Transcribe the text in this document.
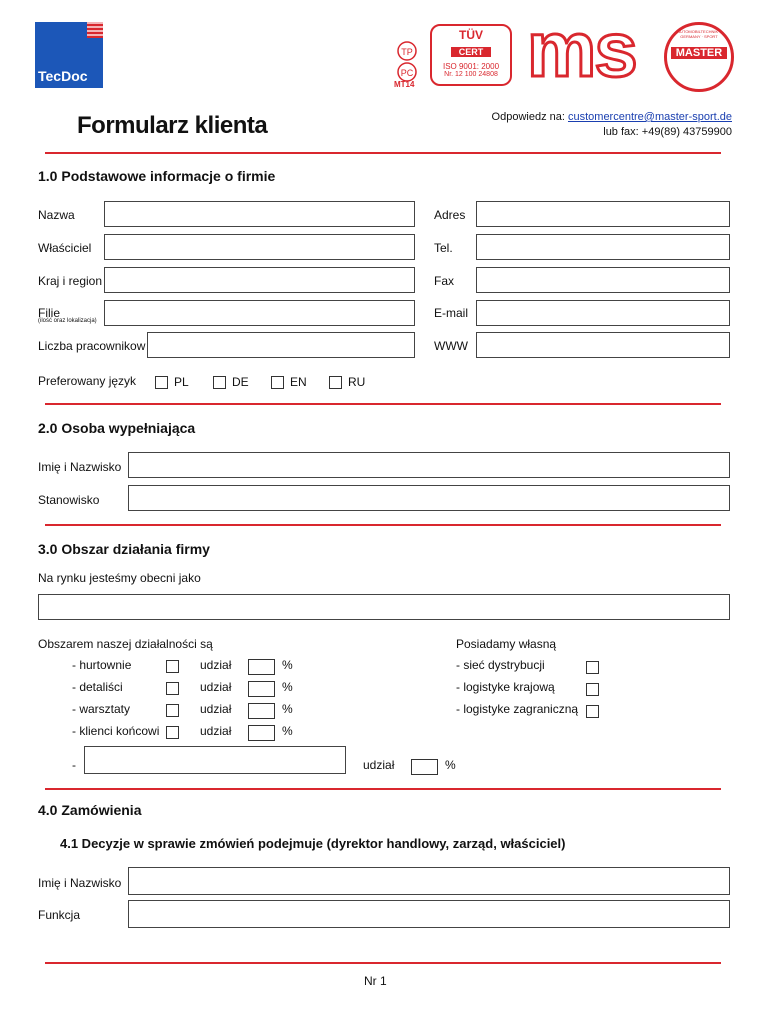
TecDoc
ТР
РС
MT14
TÜV
CERT
ISO 9001: 2000
Nr. 12 100 24808 ms	AUTOMOBILTECHNIK · GERMANY · SPORT
MASTER
Formularz klienta	Odpowiedz na: customercentre@master-sport.de
lub fax: +49(89) 43759900
1.0 Podstawowe informacje o firmie
Nazwa
Właściciel
Kraj i region
Filie
(ilość oraz lokalizacja)
Liczba pracownikow
Adres
Tel.
Fax
E-mail
WWW
Preferowany język	PL	DE	EN	RU
2.0 Osoba wypełniająca
Imię i Nazwisko
Stanowisko
3.0 Obszar działania firmy
Na rynku jesteśmy obecni jako
Obszarem naszej działalności są
- hurtownie	udział	%
- detaliści	udział	%
- warsztaty	udział	%
- klienci końcowi	udział	%
-	udział	%
Posiadamy własną
- sieć dystrybucji
- logistyke krajową
- logistyke zagraniczną
4.0 Zamówienia
4.1 Decyzje w sprawie zmówień podejmuje (dyrektor handlowy, zarząd, właściciel)
Imię i Nazwisko
Funkcja
Nr 1
